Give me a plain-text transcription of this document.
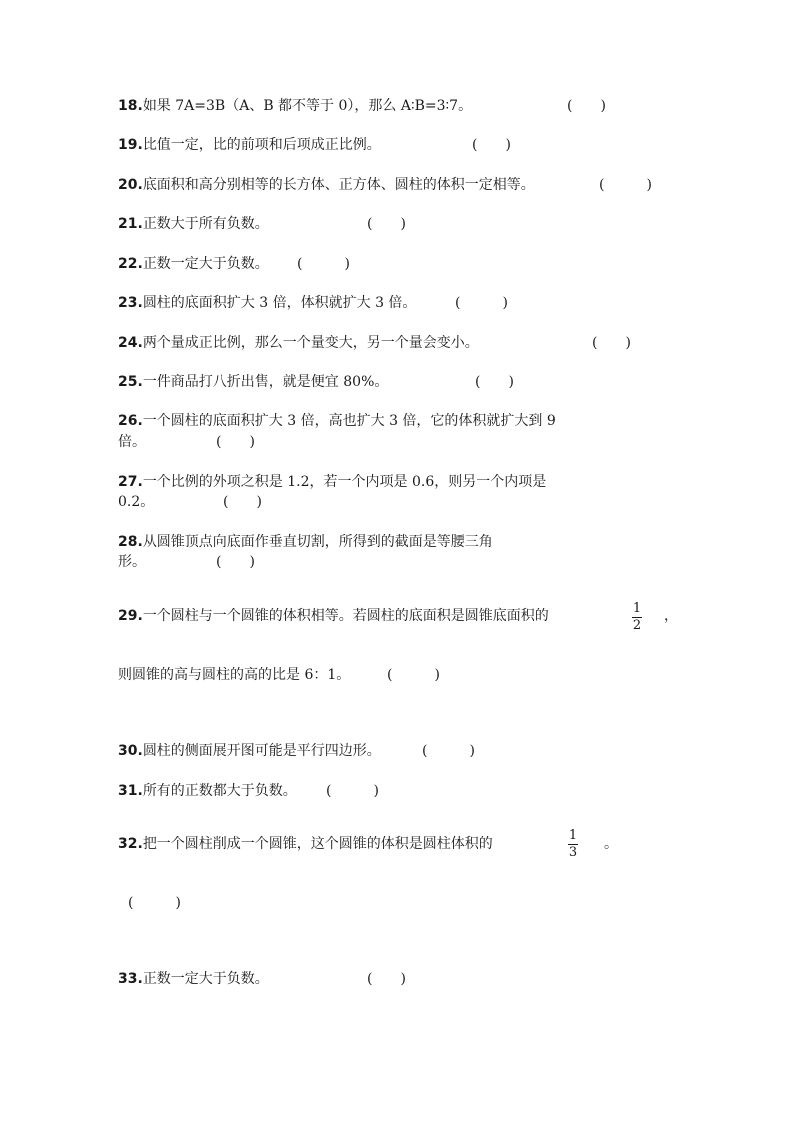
18.如果 7A=3B（A、B 都不等于 0），那么 A∶B=3∶7。	(　　)
19.比值一定，比的前项和后项成正比例。	(　　)
20.底面积和高分别相等的长方体、正方体、圆柱的体积一定相等。	(　　　)
21.正数大于所有负数。	(　　)
22.正数一定大于负数。 (　　　)
23.圆柱的底面积扩大 3 倍，体积就扩大 3 倍。	(　　　)
24.两个量成正比例，那么一个量变大，另一个量会变小。	(　　)
25.一件商品打八折出售，就是便宜 80%。	(　　)
26.一个圆柱的底面积扩大 3 倍，高也扩大 3 倍，它的体积就扩大到 9
倍。	(　　)
27.一个比例的外项之积是 1.2，若一个内项是 0.6，则另一个内项是
0.2。	(　　)
28.从圆锥顶点向底面作垂直切割，所得到的截面是等腰三角
形。	(　　)
29.一个圆柱与一个圆锥的体积相等。若圆柱的底面积是圆锥底面积的	1
2
，
则圆锥的高与圆柱的高的比是 6：1。	(　　　)
30.圆柱的侧面展开图可能是平行四边形。	(　　　)
31.所有的正数都大于负数。 (　　　)
32.把一个圆柱削成一个圆锥，这个圆锥的体积是圆柱体积的
1
3
。
(　　　)
33.正数一定大于负数。	(　　)
